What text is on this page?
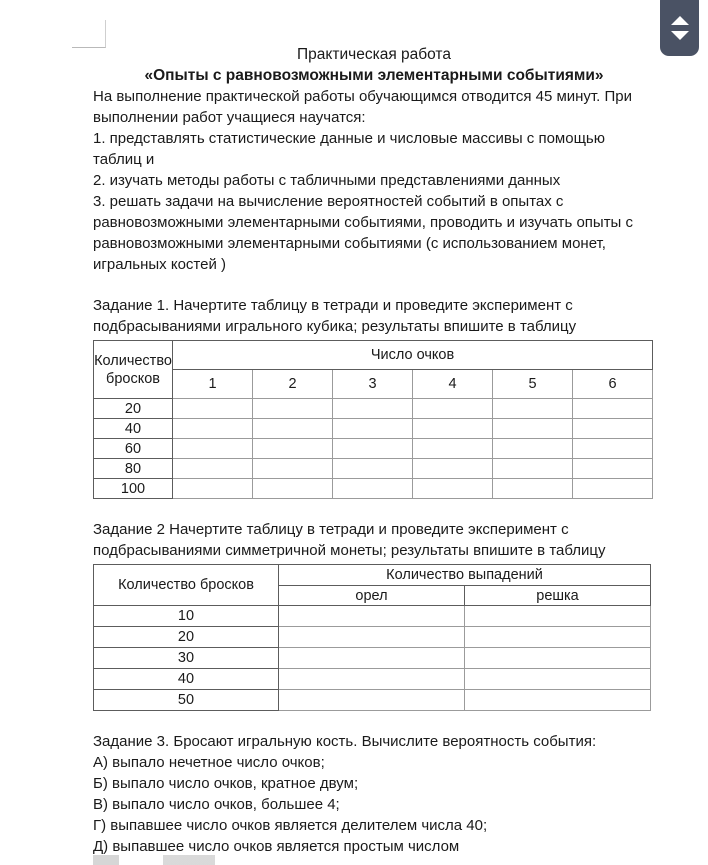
Практическая работа
«Опыты с равновозможными элементарными событиями»

На выполнение практической работы обучающимся отводится 45 минут. При выполнении работ учащиеся научатся:

1. представлять статистические данные и числовые массивы с помощью таблиц и

2. изучать методы работы с табличными представлениями данных

3. решать задачи на вычисление вероятностей событий в опытах с равновозможными элементарными событиями, проводить и изучать опыты с равновозможными элементарными событиями (с использованием монет, игральных костей )

Задание 1. Начертите таблицу в тетради и проведите эксперимент с подбрасываниями игрального кубика; результаты впишите в таблицу

Количество бросков	Число очков					
	1	2	3	4	5	6
20						
40						
60						
80						
100						

Задание 2 Начертите таблицу в тетради и проведите эксперимент с подбрасываниями симметричной монеты; результаты впишите в таблицу

Количество бросков	Количество выпадений	
	орел	решка
10		
20		
30		
40		
50		

Задание 3. Бросают игральную кость. Вычислите вероятность события:

А) выпало нечетное число очков;

Б) выпало число очков, кратное двум;

В) выпало число очков, большее 4;

Г) выпавшее число очков является делителем числа 40;

Д) выпавшее число очков является простым числом
